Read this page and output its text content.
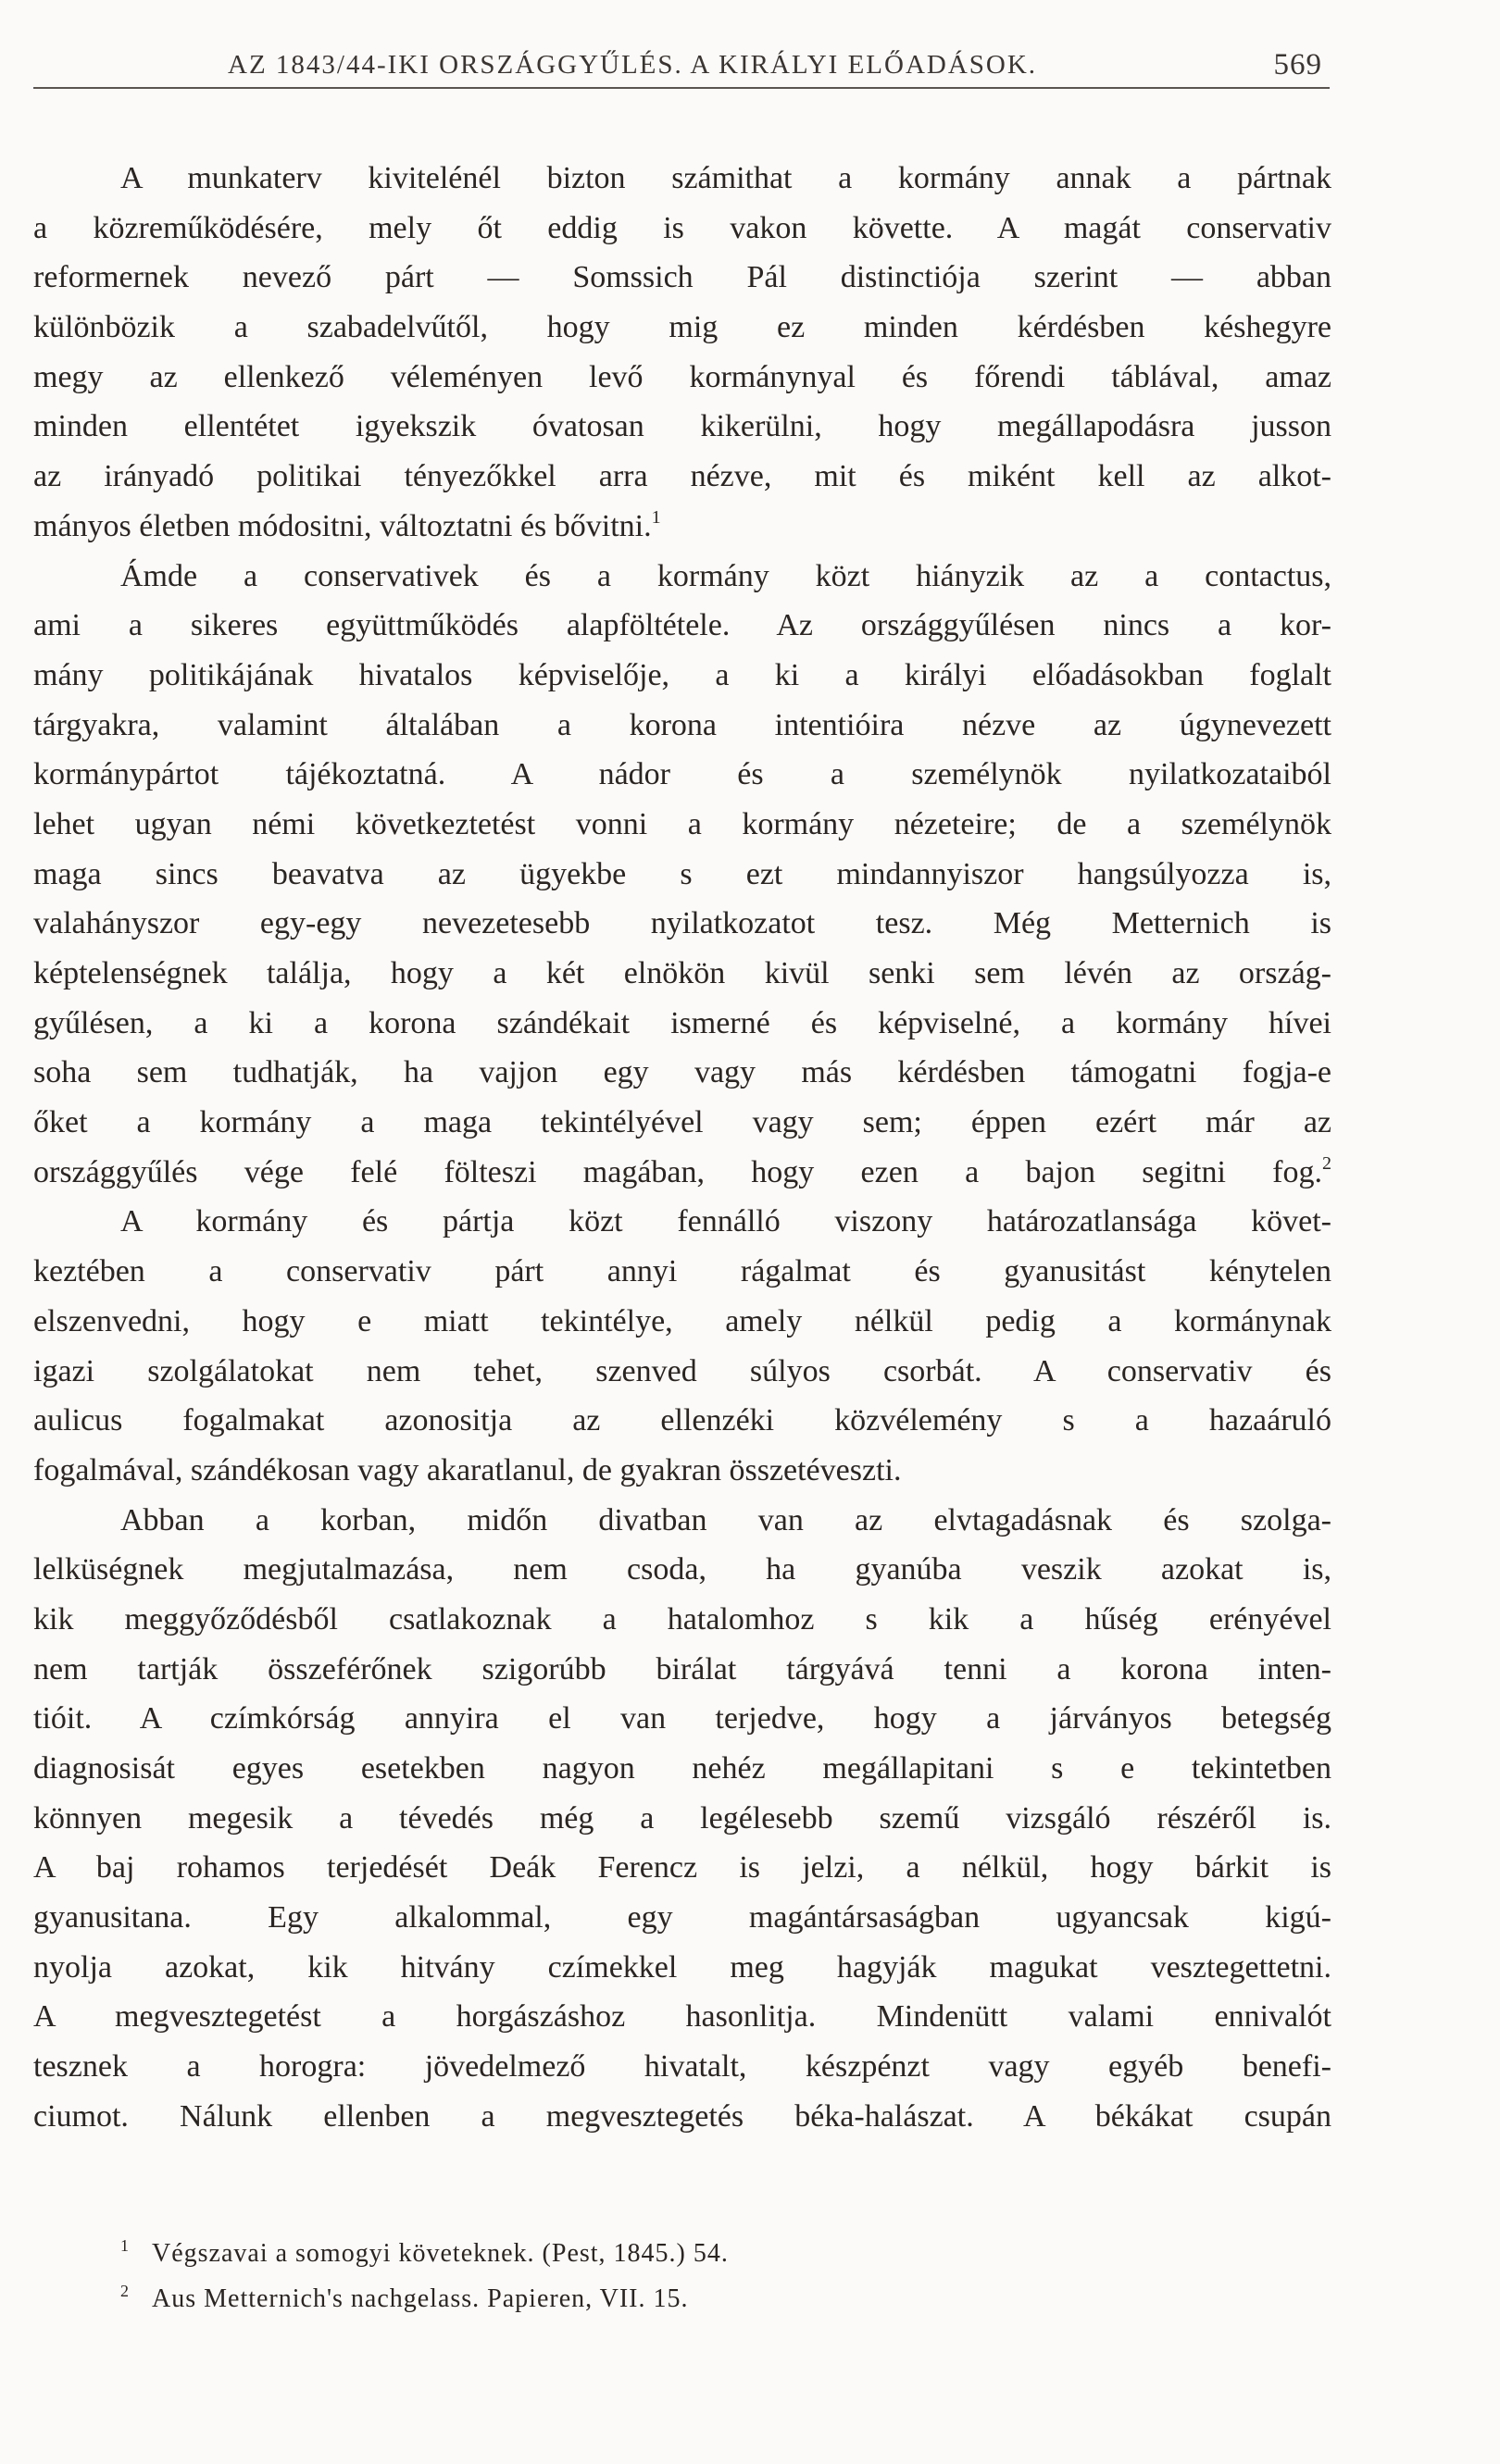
AZ 1843/44-IKI ORSZÁGGYŰLÉS. A KIRÁLYI ELŐADÁSOK.	569
A munkaterv kivitelénél bizton számithat a kormány annak a pártnak
a közreműködésére, mely őt eddig is vakon követte. A magát conservativ
reformernek nevező párt — Somssich Pál distinctiója szerint — abban
különbözik a szabadelvűtől, hogy mig ez minden kérdésben késhegyre
megy az ellenkező véleményen levő kormánynyal és főrendi táblával, amaz
minden ellentétet igyekszik óvatosan kikerülni, hogy megállapodásra jusson
az irányadó politikai tényezőkkel arra nézve, mit és miként kell az alkot-
mányos életben módositni, változtatni és bővitni.$^1$
Ámde a conservativek és a kormány közt hiányzik az a contactus,
ami a sikeres együttműködés alapföltétele. Az országgyűlésen nincs a kor-
mány politikájának hivatalos képviselője, a ki a királyi előadásokban foglalt
tárgyakra, valamint általában a korona intentióira nézve az úgynevezett
kormánypártot tájékoztatná. A nádor és a személynök nyilatkozataiból
lehet ugyan némi következtetést vonni a kormány nézeteire; de a személynök
maga sincs beavatva az ügyekbe s ezt mindannyiszor hangsúlyozza is,
valahányszor egy-egy nevezetesebb nyilatkozatot tesz. Még Metternich is
képtelenségnek találja, hogy a két elnökön kivül senki sem lévén az ország-
gyűlésen, a ki a korona szándékait ismerné és képviselné, a kormány hívei
soha sem tudhatják, ha vajjon egy vagy más kérdésben támogatni fogja-e
őket a kormány a maga tekintélyével vagy sem; éppen ezért már az
országgyűlés vége felé fölteszi magában, hogy ezen a bajon segitni fog.$^2$
A kormány és pártja közt fennálló viszony határozatlansága követ-
keztében a conservativ párt annyi rágalmat és gyanusitást kénytelen
elszenvedni, hogy e miatt tekintélye, amely nélkül pedig a kormánynak
igazi szolgálatokat nem tehet, szenved súlyos csorbát. A conservativ és
aulicus fogalmakat azonositja az ellenzéki közvélemény s a hazaáruló
fogalmával, szándékosan vagy akaratlanul, de gyakran összetéveszti.
Abban a korban, midőn divatban van az elvtagadásnak és szolga-
lelküségnek megjutalmazása, nem csoda, ha gyanúba veszik azokat is,
kik meggyőződésből csatlakoznak a hatalomhoz s kik a hűség erényével
nem tartják összeférőnek szigorúbb birálat tárgyává tenni a korona inten-
tióit. A czímkórság annyira el van terjedve, hogy a járványos betegség
diagnosisát egyes esetekben nagyon nehéz megállapitani s e tekintetben
könnyen megesik a tévedés még a legélesebb szemű vizsgáló részéről is.
A baj rohamos terjedését Deák Ferencz is jelzi, a nélkül, hogy bárkit is
gyanusitana. Egy alkalommal, egy magántársaságban ugyancsak kigú-
nyolja azokat, kik hitvány czímekkel meg hagyják magukat vesztegettetni.
A megvesztegetést a horgászáshoz hasonlitja. Mindenütt valami ennivalót
tesznek a horogra: jövedelmező hivatalt, készpénzt vagy egyéb benefi-
ciumot. Nálunk ellenben a megvesztegetés béka-halászat. A békákat csupán
1 Végszavai a somogyi követeknek. (Pest, 1845.) 54.
2 Aus Metternich's nachgelass. Papieren, VII. 15.
